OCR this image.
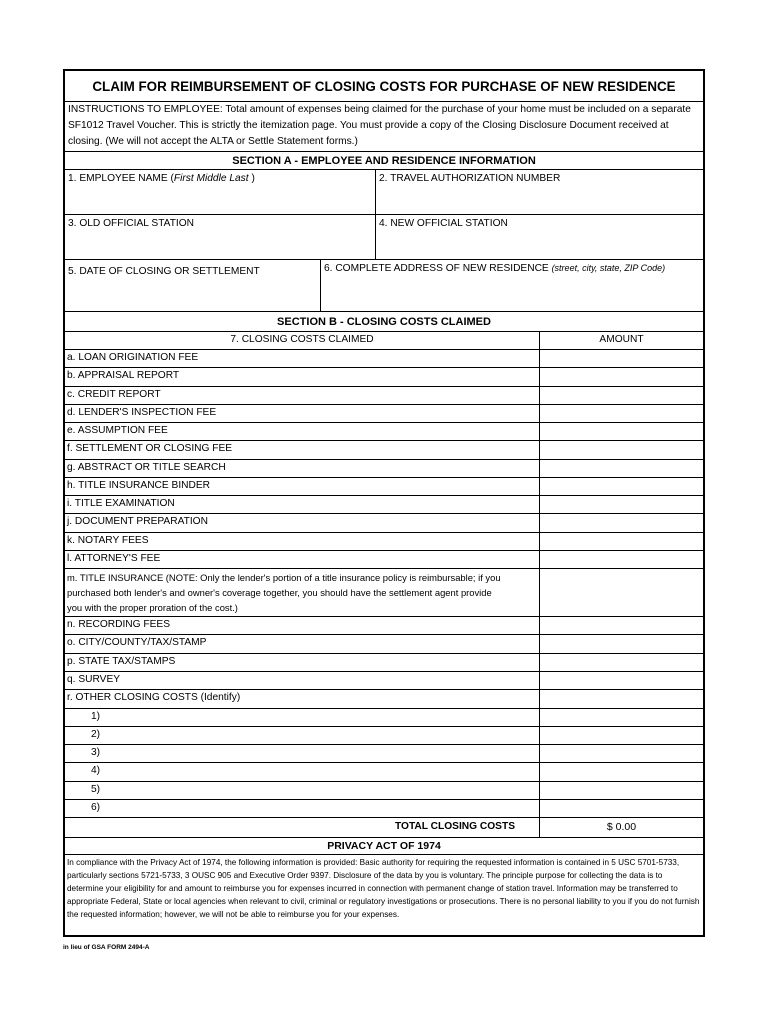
CLAIM FOR REIMBURSEMENT OF CLOSING COSTS FOR PURCHASE OF NEW RESIDENCE
INSTRUCTIONS TO EMPLOYEE: Total amount of expenses being claimed for the purchase of your home must be included on a separate SF1012 Travel Voucher. This is strictly the itemization page. You must provide a copy of the Closing Disclosure Document received at closing. (We will not accept the ALTA or Settle Statement forms.)
SECTION A - EMPLOYEE AND RESIDENCE INFORMATION
1. EMPLOYEE NAME (First Middle Last )	2. TRAVEL AUTHORIZATION NUMBER
3. OLD OFFICIAL STATION	4. NEW OFFICIAL STATION
5. DATE OF CLOSING OR SETTLEMENT	6. COMPLETE ADDRESS OF NEW RESIDENCE (street, city, state, ZIP Code)
SECTION B - CLOSING COSTS CLAIMED
7. CLOSING COSTS CLAIMED	AMOUNT
a. LOAN ORIGINATION FEE
b. APPRAISAL REPORT
c. CREDIT REPORT
d. LENDER'S INSPECTION FEE
e. ASSUMPTION FEE
f. SETTLEMENT OR CLOSING FEE
g. ABSTRACT OR TITLE SEARCH
h. TITLE INSURANCE BINDER
i. TITLE EXAMINATION
j. DOCUMENT PREPARATION
k. NOTARY FEES
l. ATTORNEY'S FEE
m. TITLE INSURANCE (NOTE: Only the lender's portion of a title insurance policy is reimbursable; if you
purchased both lender's and owner's coverage together, you should have the settlement agent provide
you with the proper proration of the cost.)
n. RECORDING FEES
o. CITY/COUNTY/TAX/STAMP
p. STATE TAX/STAMPS
q. SURVEY
r. OTHER CLOSING COSTS (Identify)
1)
2)
3)
4)
5)
6)
TOTAL CLOSING COSTS	$ 0.00
PRIVACY ACT OF 1974
In compliance with the Privacy Act of 1974, the following information is provided: Basic authority for requiring the requested information is contained in 5 USC 5701-5733, particularly sections 5721-5733, 3 OUSC 905 and Executive Order 9397. Disclosure of the data by you is voluntary. The principle purpose for collecting the data is to determine your eligibility for and amount to reimburse you for expenses incurred in connection with permanent change of station travel. Information may be transferred to appropriate Federal, State or local agencies when relevant to civil, criminal or regulatory investigations or prosecutions. There is no personal liability to you if you do not furnish the requested information; however, we will not be able to reimburse you for your expenses.
in lieu of GSA FORM 2494-A
